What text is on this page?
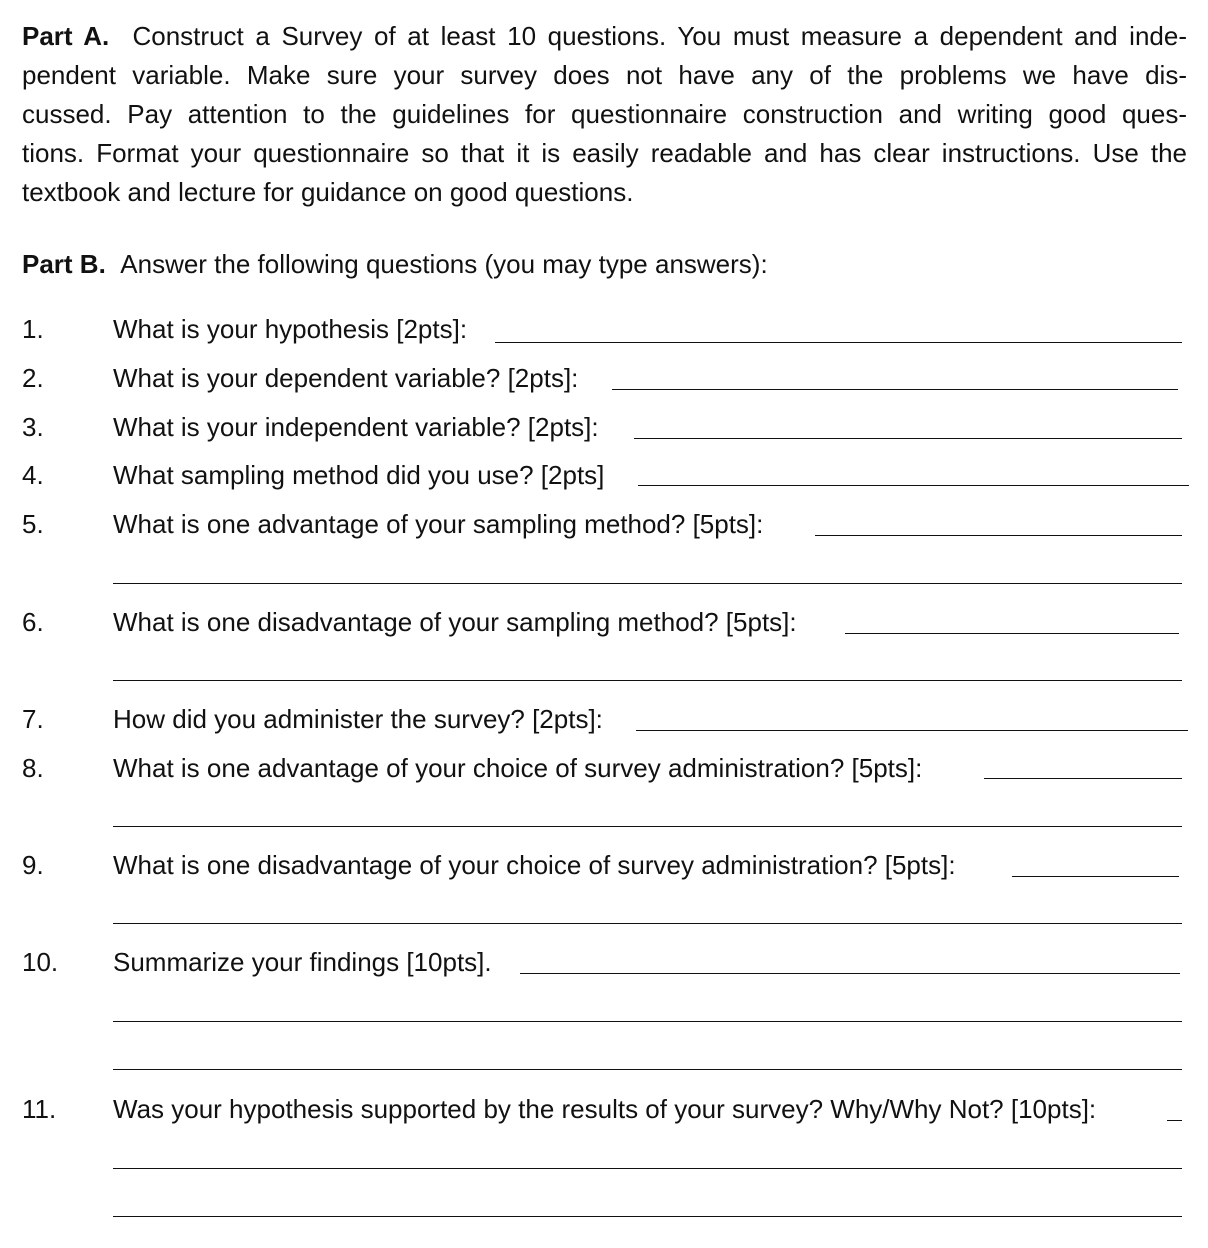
Part A. Construct a Survey of at least 10 questions. You must measure a dependent and inde-
pendent variable. Make sure your survey does not have any of the problems we have dis-
cussed. Pay attention to the guidelines for questionnaire construction and writing good ques-
tions. Format your questionnaire so that it is easily readable and has clear instructions. Use the
textbook and lecture for guidance on good questions.
Part B. Answer the following questions (you may type answers):
1.	What is your hypothesis [2pts]:
2.	What is your dependent variable? [2pts]:
3.	What is your independent variable? [2pts]:
4.	What sampling method did you use? [2pts]
5.	What is one advantage of your sampling method? [5pts]:
6.	What is one disadvantage of your sampling method? [5pts]:
7.	How did you administer the survey? [2pts]:
8.	What is one advantage of your choice of survey administration? [5pts]:
9.	What is one disadvantage of your choice of survey administration? [5pts]:
10. Summarize your findings [10pts].
11. Was your hypothesis supported by the results of your survey? Why/Why Not? [10pts]:
